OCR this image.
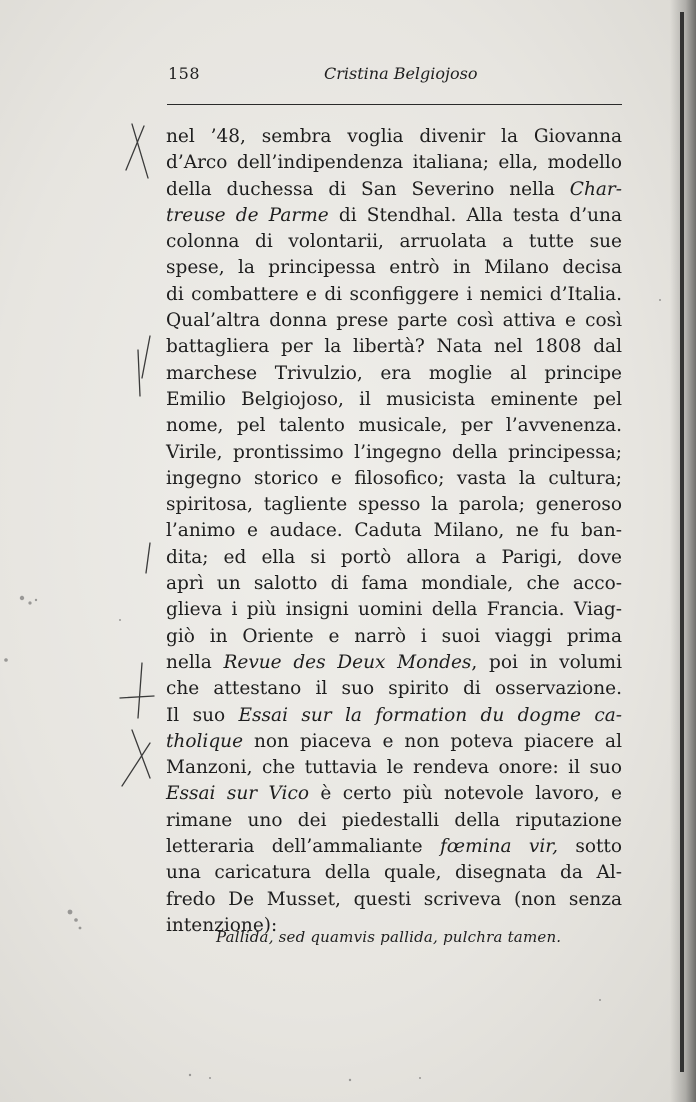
158	Cristina Belgiojoso
nel ’48, sembra voglia divenir la Giovanna
d’Arco dell’indipendenza italiana; ella, modello
della duchessa di San Severino nella Char-
treuse de Parme di Stendhal. Alla testa d’una
colonna di volontarii, arruolata a tutte sue
spese, la principessa entrò in Milano decisa
di combattere e di sconfiggere i nemici d’Italia.
Qual’altra donna prese parte così attiva e così
battagliera per la libertà? Nata nel 1808 dal
marchese Trivulzio, era moglie al principe
Emilio Belgiojoso, il musicista eminente pel
nome, pel talento musicale, per l’avvenenza.
Virile, prontissimo l’ingegno della principessa;
ingegno storico e filosofico; vasta la cultura;
spiritosa, tagliente spesso la parola; generoso
l’animo e audace. Caduta Milano, ne fu ban-
dita; ed ella si portò allora a Parigi, dove
aprì un salotto di fama mondiale, che acco-
glieva i più insigni uomini della Francia. Viag-
giò in Oriente e narrò i suoi viaggi prima
nella Revue des Deux Mondes, poi in volumi
che attestano il suo spirito di osservazione.
Il suo Essai sur la formation du dogme ca-
tholique non piaceva e non poteva piacere al
Manzoni, che tuttavia le rendeva onore: il suo
Essai sur Vico è certo più notevole lavoro, e
rimane uno dei piedestalli della riputazione
letteraria dell’ammaliante fœmina vir, sotto
una caricatura della quale, disegnata da Al-
fredo De Musset, questi scriveva (non senza
intenzione):
Pallida, sed quamvis pallida, pulchra tamen.
